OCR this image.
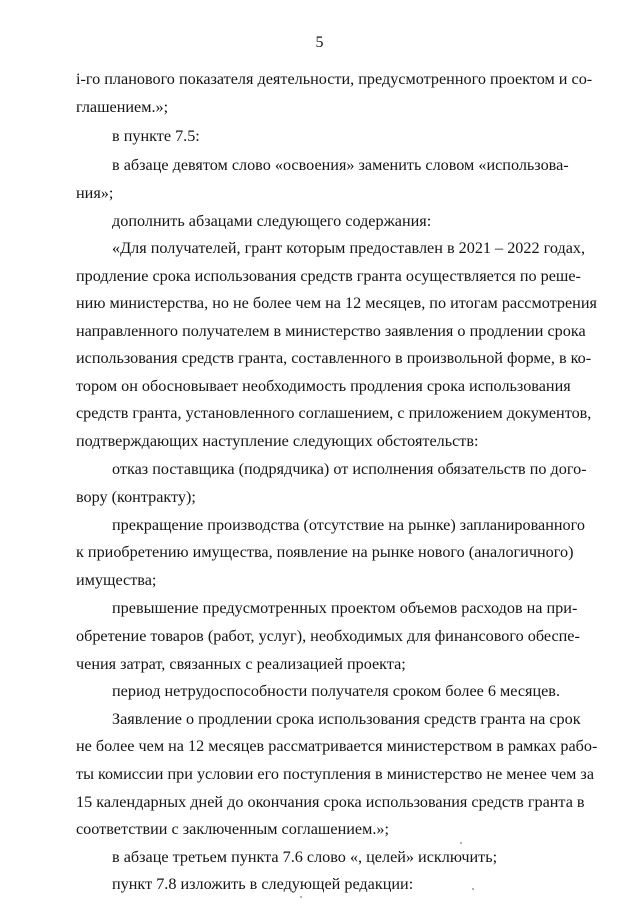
5
i-го планового показателя деятельности, предусмотренного проектом и со-
глашением.»;
в пункте 7.5:
в абзаце девятом слово «освоения» заменить словом «использова-
ния»;
дополнить абзацами следующего содержания:
«Для получателей, грант которым предоставлен в 2021 – 2022 годах,
продление срока использования средств гранта осуществляется по реше-
нию министерства, но не более чем на 12 месяцев, по итогам рассмотрения
направленного получателем в министерство заявления о продлении срока
использования средств гранта, составленного в произвольной форме, в ко-
тором он обосновывает необходимость продления срока использования
средств гранта, установленного соглашением, с приложением документов,
подтверждающих наступление следующих обстоятельств:
отказ поставщика (подрядчика) от исполнения обязательств по дого-
вору (контракту);
прекращение производства (отсутствие на рынке) запланированного
к приобретению имущества, появление на рынке нового (аналогичного)
имущества;
превышение предусмотренных проектом объемов расходов на при-
обретение товаров (работ, услуг), необходимых для финансового обеспе-
чения затрат, связанных с реализацией проекта;
период нетрудоспособности получателя сроком более 6 месяцев.
Заявление о продлении срока использования средств гранта на срок
не более чем на 12 месяцев рассматривается министерством в рамках рабо-
ты комиссии при условии его поступления в министерство не менее чем за
15 календарных дней до окончания срока использования средств гранта в
соответствии с заключенным соглашением.»;
в абзаце третьем пункта 7.6 слово «, целей» исключить;
пункт 7.8 изложить в следующей редакции:
